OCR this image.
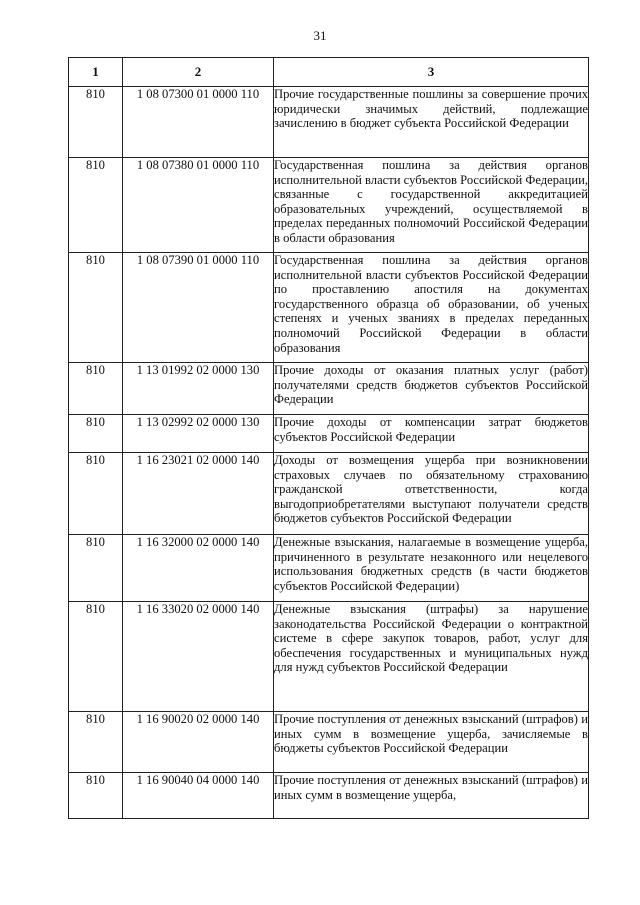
31
1	2	3
810	1 08 07300 01 0000 110	Прочие государственные пошлины за совершение прочих юридически значимых действий, подлежащие зачислению в бюджет субъекта Российской Федерации
810	1 08 07380 01 0000 110	Государственная пошлина за действия органов исполнительной власти субъектов Российской Федерации, связанные с государственной аккредитацией образовательных учреждений, осуществляемой в пределах переданных полномочий Российской Федерации в области образования
810	1 08 07390 01 0000 110	Государственная пошлина за действия органов исполнительной власти субъектов Российской Федерации по проставлению апостиля на документах государственного образца об образовании, об ученых степенях и ученых званиях в пределах переданных полномочий Российской Федерации в области образования
810	1 13 01992 02 0000 130	Прочие доходы от оказания платных услуг (работ) получателями средств бюджетов субъектов Российской Федерации
810	1 13 02992 02 0000 130	Прочие доходы от компенсации затрат бюджетов субъектов Российской Федерации
810	1 16 23021 02 0000 140	Доходы от возмещения ущерба при возникновении страховых случаев по обязательному страхованию гражданской ответственности, когда выгодоприобретателями выступают получатели средств бюджетов субъектов Российской Федерации
810	1 16 32000 02 0000 140	Денежные взыскания, налагаемые в возмещение ущерба, причиненного в результате незаконного или нецелевого использования бюджетных средств (в части бюджетов субъектов Российской Федерации)
810	1 16 33020 02 0000 140	Денежные взыскания (штрафы) за нарушение законодательства Российской Федерации о контрактной системе в сфере закупок товаров, работ, услуг для обеспечения государственных и муниципальных нужд для нужд субъектов Российской Федерации
810	1 16 90020 02 0000 140	Прочие поступления от денежных взысканий (штрафов) и иных сумм в возмещение ущерба, зачисляемые в бюджеты субъектов Российской Федерации
810	1 16 90040 04 0000 140	Прочие поступления от денежных взысканий (штрафов) и иных сумм в возмещение ущерба,
